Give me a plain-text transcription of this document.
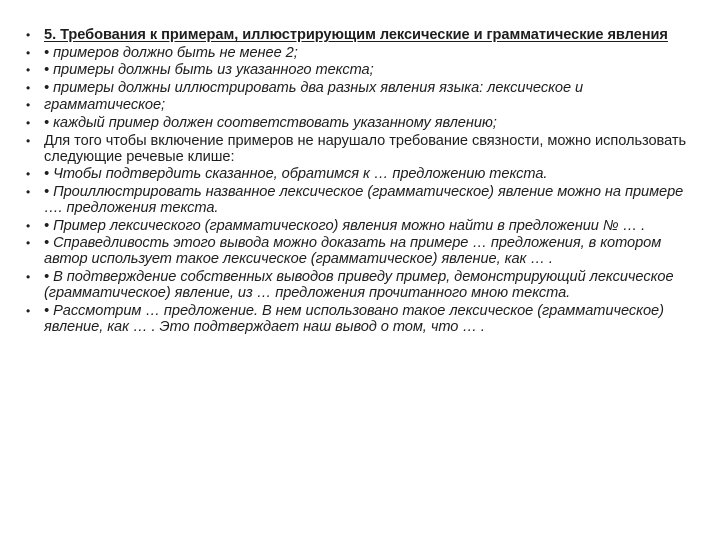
• 5. Требования к примерам, иллюстрирующим лексические и грамматические явления
• • примеров должно быть не менее 2;
• • примеры должны быть из указанного текста;
• • примеры должны иллюстрировать два разных явления языка: лексическое и
• грамматическое;
• • каждый пример должен соответствовать указанному явлению;
• Для того чтобы включение примеров не нарушало требование связности, можно использовать следующие речевые клише:
• • Чтобы подтвердить сказанное, обратимся к … предложению текста.
• • Проиллюстрировать названное лексическое (грамматическое) явление можно на примере …. предложения текста.
• • Пример лексического (грамматического) явления можно найти в предложении № … .
• • Справедливость этого вывода можно доказать на примере … предложения, в котором автор использует такое лексическое (грамматическое) явление, как … .
• • В подтверждение собственных выводов приведу пример, демонстрирующий лексическое (грамматическое) явление, из … предложения прочитанного мною текста.
• • Рассмотрим … предложение. В нем использовано такое лексическое (грамматическое) явление, как … . Это подтверждает наш вывод о том, что … .
